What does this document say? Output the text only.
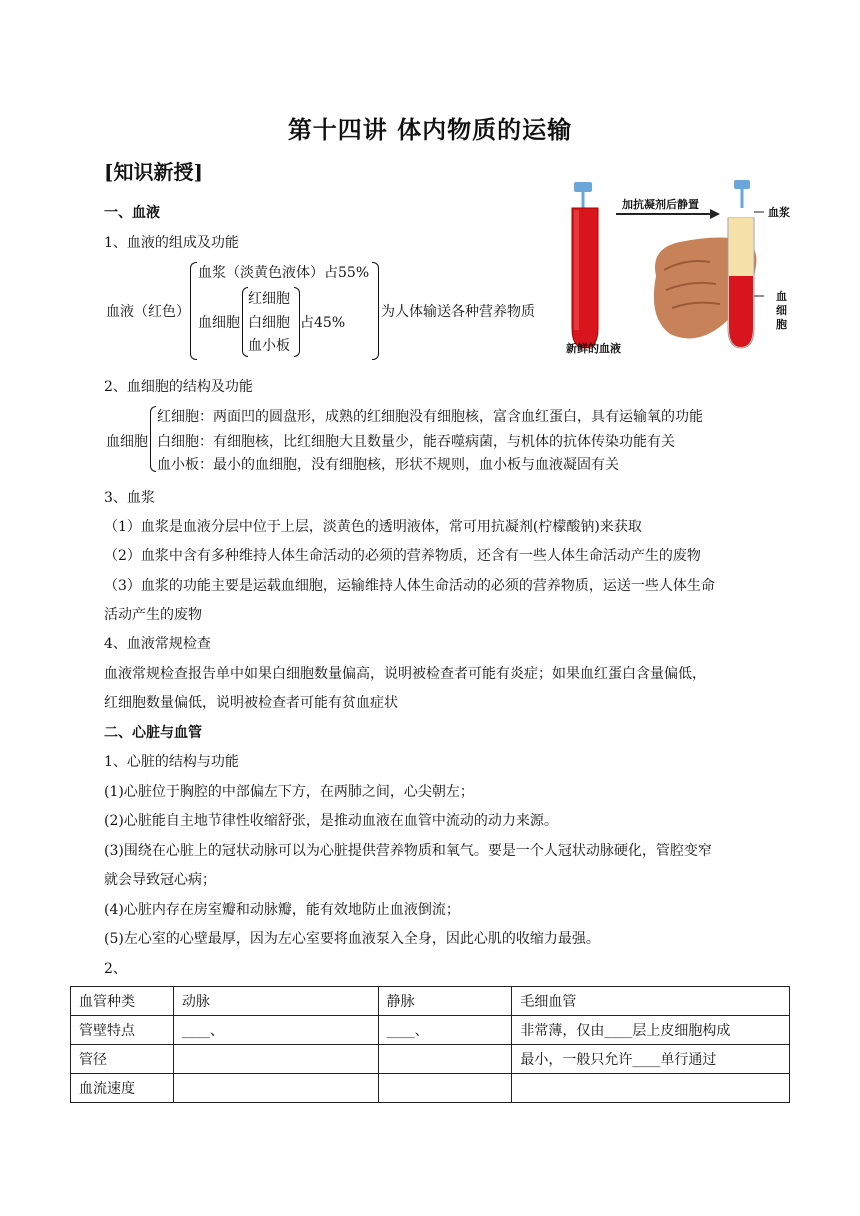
第十四讲 体内物质的运输
[知识新授]
一、血液
1、血液的组成及功能
血液（红色）
血浆（淡黄色液体）占55%
血细胞
红细胞
白细胞
血小板
占45%
为人体输送各种营养物质
加抗凝剂后静置
血浆
血细胞
新鲜的血液
2、血细胞的结构及功能
血细胞
红细胞：两面凹的圆盘形，成熟的红细胞没有细胞核，富含血红蛋白，具有运输氧的功能
白细胞：有细胞核，比红细胞大且数量少，能吞噬病菌，与机体的抗体传染功能有关
血小板：最小的血细胞，没有细胞核，形状不规则，血小板与血液凝固有关
3、血浆
（1）血浆是血液分层中位于上层，淡黄色的透明液体，常可用抗凝剂(柠檬酸钠)来获取
（2）血浆中含有多种维持人体生命活动的必须的营养物质，还含有一些人体生命活动产生的废物
（3）血浆的功能主要是运载血细胞，运输维持人体生命活动的必须的营养物质，运送一些人体生命
活动产生的废物
4、血液常规检查
血液常规检查报告单中如果白细胞数量偏高，说明被检查者可能有炎症；如果血红蛋白含量偏低，
红细胞数量偏低，说明被检查者可能有贫血症状
二、心脏与血管
1、心脏的结构与功能
(1)心脏位于胸腔的中部偏左下方，在两肺之间，心尖朝左；
(2)心脏能自主地节律性收缩舒张，是推动血液在血管中流动的动力来源。
(3)围绕在心脏上的冠状动脉可以为心脏提供营养物质和氧气。要是一个人冠状动脉硬化，管腔变窄
就会导致冠心病；
(4)心脏内存在房室瓣和动脉瓣，能有效地防止血液倒流；
(5)左心室的心壁最厚，因为左心室要将血液泵入全身，因此心肌的收缩力最强。
2、
血管种类	动脉	静脉	毛细血管
管壁特点	____、	____、	非常薄，仅由____层上皮细胞构成
管径			最小，一般只允许____单行通过
血流速度			
